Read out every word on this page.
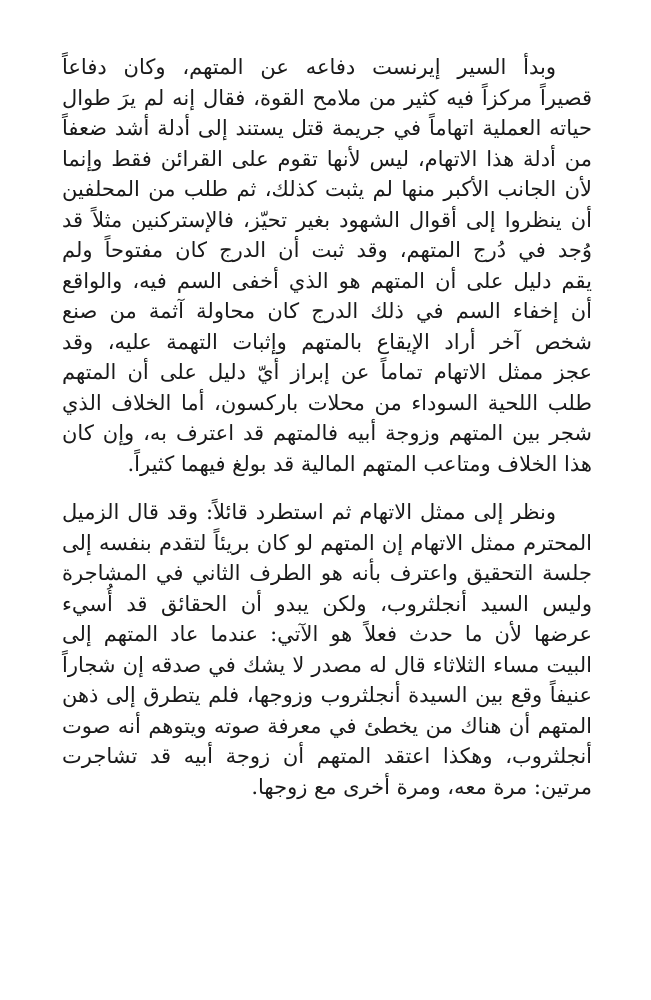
وبدأ السير إيرنست دفاعه عن المتهم، وكان دفاعاً
قصيراً مركزاً فيه كثير من ملامح القوة، فقال إنه لم يرَ طوال
حياته العملية اتهاماً في جريمة قتل يستند إلى أدلة أشد ضعفاً
من أدلة هذا الاتهام، ليس لأنها تقوم على القرائن فقط وإنما
لأن الجانب الأكبر منها لم يثبت كذلك، ثم طلب من المحلفين
أن ينظروا إلى أقوال الشهود بغير تحيّز، فالإستركنين مثلاً قد
وُجد في دُرج المتهم، وقد ثبت أن الدرج كان مفتوحاً ولم
يقم دليل على أن المتهم هو الذي أخفى السم فيه، والواقع
أن إخفاء السم في ذلك الدرج كان محاولة آثمة من صنع
شخص آخر أراد الإيقاع بالمتهم وإثبات التهمة عليه، وقد
عجز ممثل الاتهام تماماً عن إبراز أيّ دليل على أن المتهم
طلب اللحية السوداء من محلات باركسون، أما الخلاف الذي
شجر بين المتهم وزوجة أبيه فالمتهم قد اعترف به، وإن كان
هذا الخلاف ومتاعب المتهم المالية قد بولغ فيهما كثيراً.
ونظر إلى ممثل الاتهام ثم استطرد قائلاً: وقد قال الزميل
المحترم ممثل الاتهام إن المتهم لو كان بريئاً لتقدم بنفسه إلى
جلسة التحقيق واعترف بأنه هو الطرف الثاني في المشاجرة
وليس السيد أنجلثروب، ولكن يبدو أن الحقائق قد أُسيء
عرضها لأن ما حدث فعلاً هو الآتي: عندما عاد المتهم إلى
البيت مساء الثلاثاء قال له مصدر لا يشك في صدقه إن شجاراً
عنيفاً وقع بين السيدة أنجلثروب وزوجها، فلم يتطرق إلى ذهن
المتهم أن هناك من يخطئ في معرفة صوته ويتوهم أنه صوت
أنجلثروب، وهكذا اعتقد المتهم أن زوجة أبيه قد تشاجرت
مرتين: مرة معه، ومرة أخرى مع زوجها.
